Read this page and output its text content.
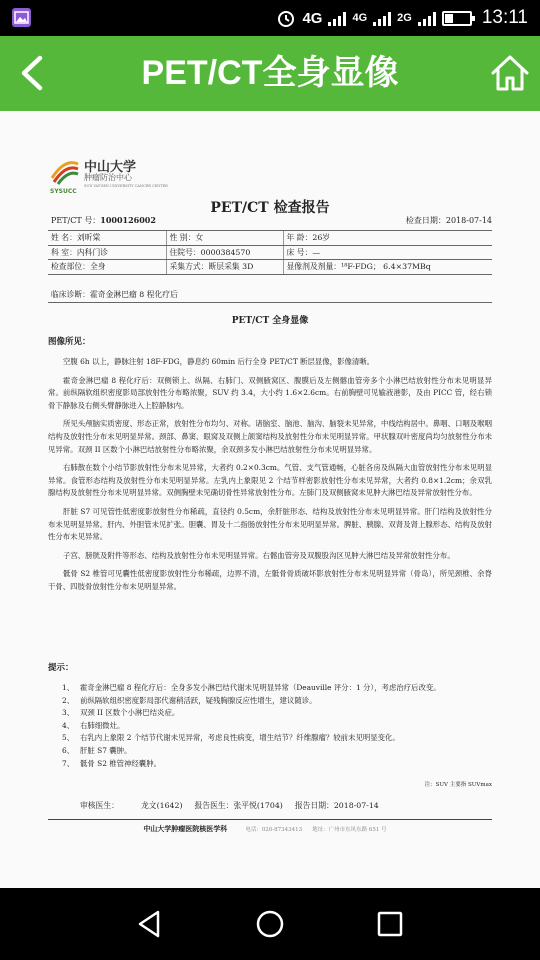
4G	4G	2G	13:11
PET/CT全身显像
SYSUCC
中山大学
肿瘤防治中心
SUN YAT-SEN UNIVERSITY CANCER CENTER
PET/CT 检查报告
PET/CT 号：1000126002	检查日期：2018-07-14
姓 名：刘昕棠	性 别：女	年 龄：26岁
科 室：内科门诊	住院号：0000384570	床 号：—
检查部位：全身	采集方式：断层采集 3D	显像剂及剂量：¹⁸F-FDG； 6.4×37MBq
临床诊断：霍奇金淋巴瘤 8 程化疗后
PET/CT 全身显像
图像所见：

空腹 6h 以上，静脉注射 18F-FDG，静息约 60min 后行全身 PET/CT 断层显像，影像清晰。

霍奇金淋巴瘤 8 程化疗后：双侧锁上、纵隔、右肺门、双侧腋窝区、腹膜后及左侧髂血管旁多个小淋巴结放射性分布未见明显异常。前纵隔软组织密度影局部放射性分布略浓聚，SUV 约 3.4，大小约 1.6×2.6cm。右前胸壁可见输液港影，及由 PICC 管，经右锁骨下静脉及右侧头臂静脉进入上腔静脉内。

所见头颅脑实质密度、形态正常，放射性分布均匀、对称。诸脑室、脑池、脑沟、脑裂未见异常，中线结构居中。鼻咽、口咽及喉咽结构及放射性分布未见明显异常。颈部、鼻窦、眼窝及双侧上颌窦结构及放射性分布未见明显异常。甲状腺双叶密度尚均匀放射性分布未见异常。双颈 II 区数个小淋巴结放射性分布略浓聚，余双颈多发小淋巴结放射性分布未见明显异常。

右肺散在数个小结节影放射性分布未见异常，大者约 0.2×0.3cm。气管、支气管通畅，心脏各房及纵隔大血管放射性分布未见明显异常。食管形态结构及放射性分布未见明显异常。左乳内上象限见 2 个结节样密影放射性分布未见异常，大者约 0.8×1.2cm；余双乳腺结构及放射性分布未见明显异常。双侧胸壁未见确切骨性异常放射性分布。左肺门及双侧腋窝未见肿大淋巴结及异常放射性分布。

肝脏 S7 可见管性低密度影放射性分布稀疏，直径约 0.5cm，余肝脏形态、结构及放射性分布未见明显异常。肝门结构及放射性分布未见明显异常。肝内、外胆管未见扩张。胆囊、胃及十二指肠放射性分布未见明显异常。脾脏、胰腺、双肾及肾上腺形态、结构及放射性分布未见异常。

子宫、膀胱及附件等形态、结构及放射性分布未见明显异常。右髂血管旁及双腹股沟区见肿大淋巴结及异常放射性分布。

骶骨 S2 椎管可见囊性低密度影放射性分布稀疏，边界不清，左骶骨骨质破坏影放射性分布未见明显异常（骨岛），所见颈椎、余脊干骨、四肢骨放射性分布未见明显异常。

提示：
1、 霍奇金淋巴瘤 8 程化疗后：全身多发小淋巴结代谢未见明显异常（Deauville 评分：1 分），考虑治疗后改变。
2、 前纵隔软组织密度影局部代谢稍活跃，疑残胸腺反应性增生，建议随诊。
3、 双颈 II 区数个小淋巴结炎症。
4、 右肺细微灶。
5、 右乳内上象限 2 个结节代谢未见异常，考虑良性病变，增生结节？纤维腺瘤？较前未见明显变化。
6、 肝脏 S7 囊肿。
7、 骶骨 S2 椎管神经囊肿。
注：SUV 主要指 SUVmax
审核医生：	龙文(1642) 报告医生：张平悦(1704) 报告日期：2018-07-14
中山大学肿瘤医院核医学科	电话：020-87343413 地址：广州市东风东路 651 号
